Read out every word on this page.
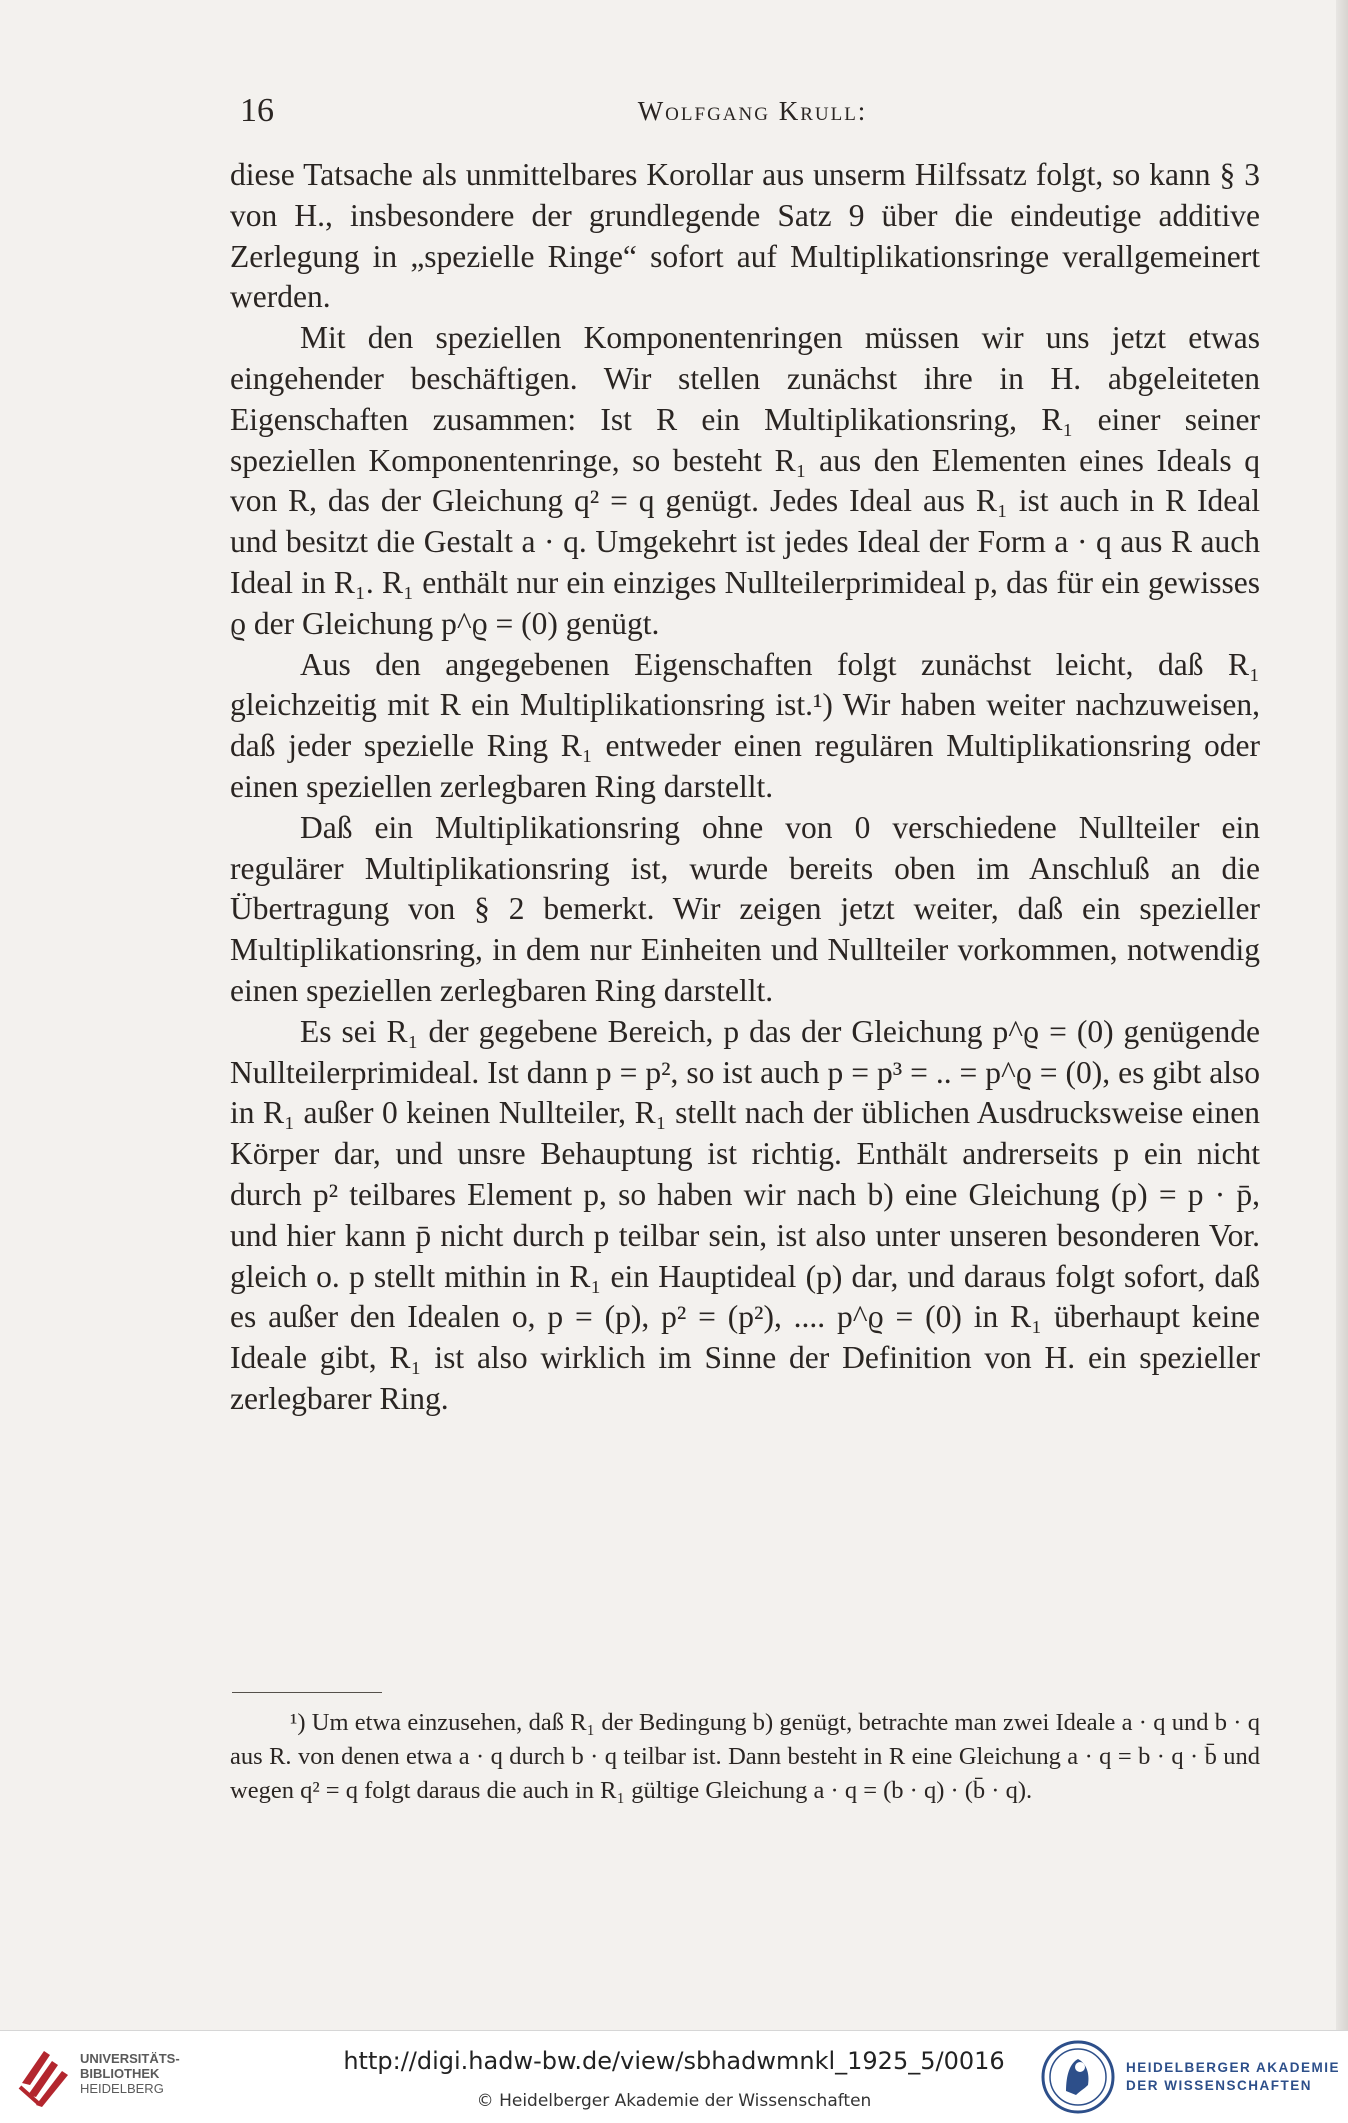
16	Wolfgang Krull:

diese Tatsache als unmittelbares Korollar aus unserm Hilfssatz folgt, so kann § 3 von H., insbesondere der grundlegende Satz 9 über die eindeutige additive Zerlegung in „spezielle Ringe“ sofort auf Multiplikationsringe verallgemeinert werden.

Mit den speziellen Komponentenringen müssen wir uns jetzt etwas eingehender beschäftigen. Wir stellen zunächst ihre in H. abgeleiteten Eigenschaften zusammen: Ist R ein Multiplikationsring, R₁ einer seiner speziellen Komponentenringe, so besteht R₁ aus den Elementen eines Ideals q von R, das der Gleichung q² = q genügt. Jedes Ideal aus R₁ ist auch in R Ideal und besitzt die Gestalt a · q. Umgekehrt ist jedes Ideal der Form a · q aus R auch Ideal in R₁. R₁ enthält nur ein einziges Nullteilerprimideal p, das für ein gewisses ϱ der Gleichung p^ϱ = (0) genügt.

Aus den angegebenen Eigenschaften folgt zunächst leicht, daß R₁ gleichzeitig mit R ein Multiplikationsring ist.¹) Wir haben weiter nachzuweisen, daß jeder spezielle Ring R₁ entweder einen regulären Multiplikationsring oder einen speziellen zerlegbaren Ring darstellt.

Daß ein Multiplikationsring ohne von 0 verschiedene Nullteiler ein regulärer Multiplikationsring ist, wurde bereits oben im Anschluß an die Übertragung von § 2 bemerkt. Wir zeigen jetzt weiter, daß ein spezieller Multiplikationsring, in dem nur Einheiten und Nullteiler vorkommen, notwendig einen speziellen zerlegbaren Ring darstellt.

Es sei R₁ der gegebene Bereich, p das der Gleichung p^ϱ = (0) genügende Nullteilerprimideal. Ist dann p = p², so ist auch p = p³ = .. = p^ϱ = (0), es gibt also in R₁ außer 0 keinen Nullteiler, R₁ stellt nach der üblichen Ausdrucksweise einen Körper dar, und unsre Behauptung ist richtig. Enthält andrerseits p ein nicht durch p² teilbares Element p, so haben wir nach b) eine Gleichung (p) = p · p̄, und hier kann p̄ nicht durch p teilbar sein, ist also unter unseren besonderen Vor. gleich o. p stellt mithin in R₁ ein Hauptideal (p) dar, und daraus folgt sofort, daß es außer den Idealen o, p = (p), p² = (p²), .... p^ϱ = (0) in R₁ überhaupt keine Ideale gibt, R₁ ist also wirklich im Sinne der Definition von H. ein spezieller zerlegbarer Ring.

¹) Um etwa einzusehen, daß R₁ der Bedingung b) genügt, betrachte man zwei Ideale a · q und b · q aus R. von denen etwa a · q durch b · q teilbar ist. Dann besteht in R eine Gleichung a · q = b · q · b̄ und wegen q² = q folgt daraus die auch in R₁ gültige Gleichung a · q = (b · q) · (b̄ · q).

UNIVERSITÄTS-
BIBLIOTHEK
HEIDELBERG
http://digi.hadw-bw.de/view/sbhadwmnkl_1925_5/0016
© Heidelberger Akademie der Wissenschaften
HEIDELBERGER AKADEMIE
DER WISSENSCHAFTEN
